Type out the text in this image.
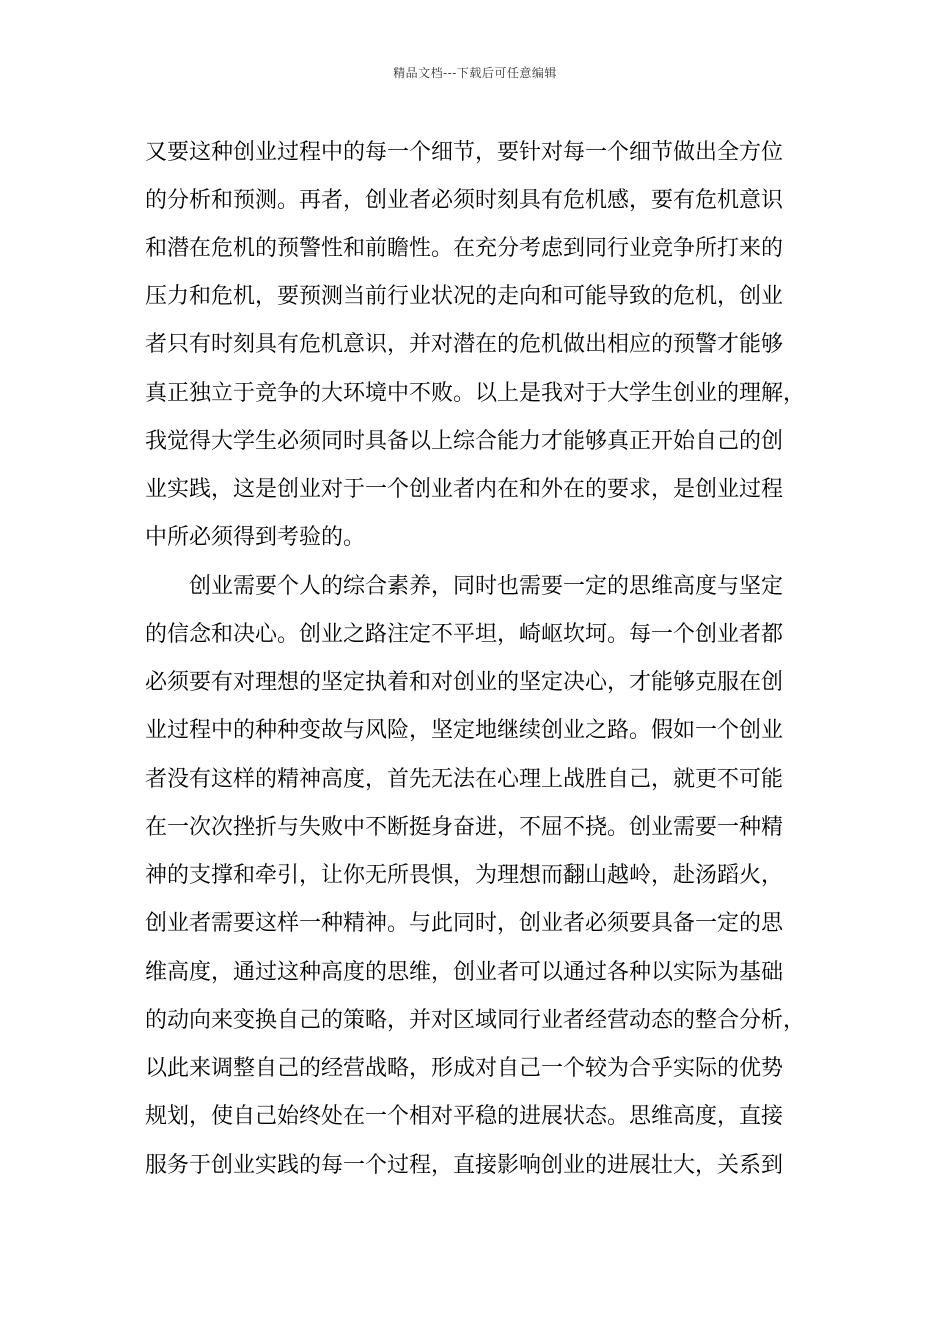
精品文档---下载后可任意编辑
又要这种创业过程中的每一个细节，要针对每一个细节做出全方位
的分析和预测。再者，创业者必须时刻具有危机感，要有危机意识
和潜在危机的预警性和前瞻性。在充分考虑到同行业竞争所打来的
压力和危机，要预测当前行业状况的走向和可能导致的危机，创业
者只有时刻具有危机意识，并对潜在的危机做出相应的预警才能够
真正独立于竞争的大环境中不败。以上是我对于大学生创业的理解，
我觉得大学生必须同时具备以上综合能力才能够真正开始自己的创
业实践，这是创业对于一个创业者内在和外在的要求，是创业过程
中所必须得到考验的。
创业需要个人的综合素养，同时也需要一定的思维高度与坚定
的信念和决心。创业之路注定不平坦，崎岖坎坷。每一个创业者都
必须要有对理想的坚定执着和对创业的坚定决心，才能够克服在创
业过程中的种种变故与风险，坚定地继续创业之路。假如一个创业
者没有这样的精神高度，首先无法在心理上战胜自己，就更不可能
在一次次挫折与失败中不断挺身奋进，不屈不挠。创业需要一种精
神的支撑和牵引，让你无所畏惧，为理想而翻山越岭，赴汤蹈火，
创业者需要这样一种精神。与此同时，创业者必须要具备一定的思
维高度，通过这种高度的思维，创业者可以通过各种以实际为基础
的动向来变换自己的策略，并对区域同行业者经营动态的整合分析，
以此来调整自己的经营战略，形成对自己一个较为合乎实际的优势
规划，使自己始终处在一个相对平稳的进展状态。思维高度，直接
服务于创业实践的每一个过程，直接影响创业的进展壮大，关系到
